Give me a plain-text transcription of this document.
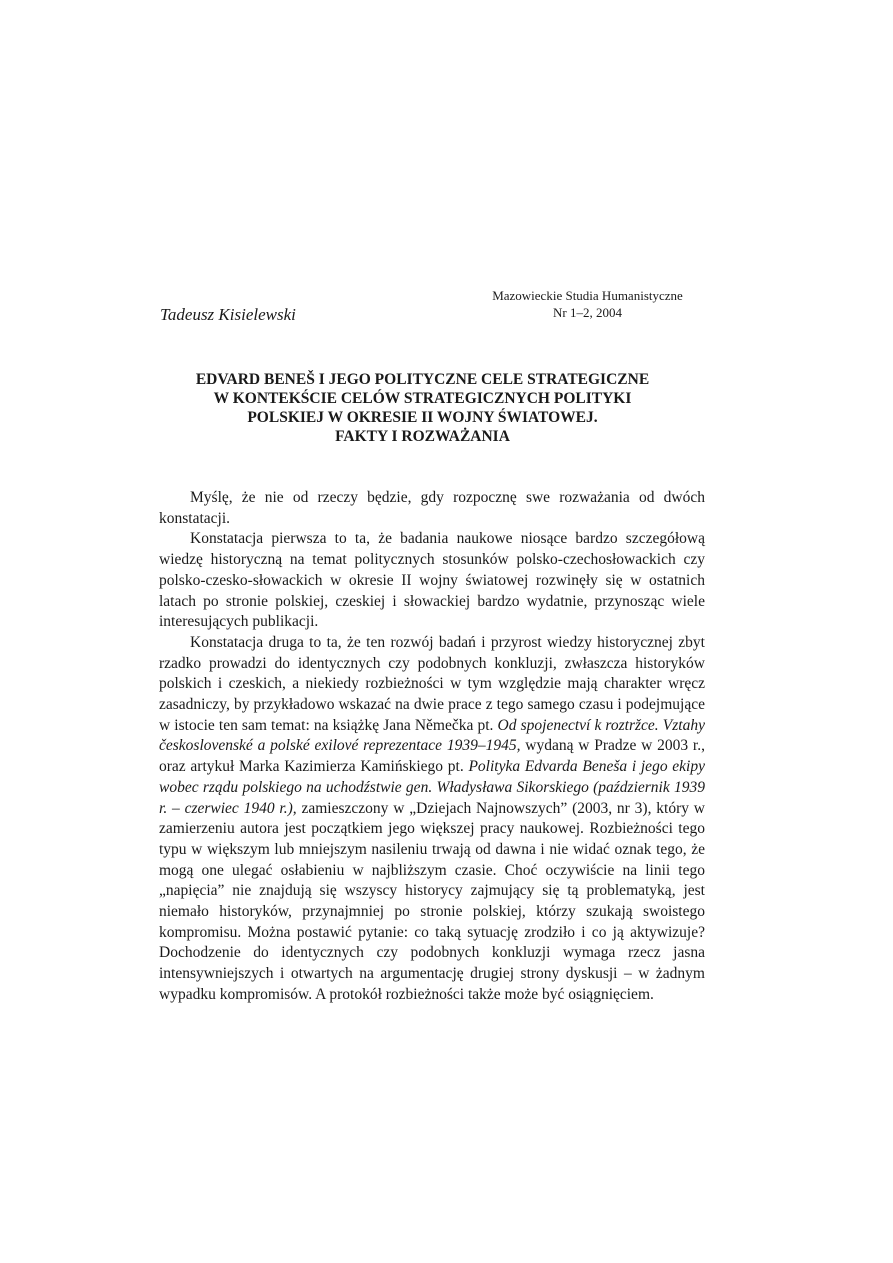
Mazowieckie Studia Humanistyczne
Nr 1–2, 2004
Tadeusz Kisielewski
EDVARD BENEŠ I JEGO POLITYCZNE CELE STRATEGICZNE
W KONTEKŚCIE CELÓW STRATEGICZNYCH POLITYKI
POLSKIEJ W OKRESIE II WOJNY ŚWIATOWEJ.
FAKTY I ROZWAŻANIA

Myślę, że nie od rzeczy będzie, gdy rozpocznę swe rozważania od dwóch konstatacji.

Konstatacja pierwsza to ta, że badania naukowe niosące bardzo szczegółową wiedzę historyczną na temat politycznych stosunków polsko-czechosłowackich czy polsko-czesko-słowackich w okresie II wojny światowej rozwinęły się w ostatnich latach po stronie polskiej, czeskiej i słowackiej bardzo wydatnie, przynosząc wiele interesujących publikacji.

Konstatacja druga to ta, że ten rozwój badań i przyrost wiedzy historycznej zbyt rzadko prowadzi do identycznych czy podobnych konkluzji, zwłaszcza historyków polskich i czeskich, a niekiedy rozbieżności w tym względzie mają charakter wręcz zasadniczy, by przykładowo wskazać na dwie prace z tego samego czasu i podejmujące w istocie ten sam temat: na książkę Jana Němečka pt. Od spojenectví k roztržce. Vztahy československé a polské exilové reprezentace 1939–1945, wydaną w Pradze w 2003 r., oraz artykuł Marka Kazimierza Kamińskiego pt. Polityka Edvarda Beneša i jego ekipy wobec rządu polskiego na uchodźstwie gen. Władysława Sikorskiego (październik 1939 r. – czerwiec 1940 r.), zamieszczony w „Dziejach Najnowszych” (2003, nr 3), który w zamierzeniu autora jest początkiem jego większej pracy naukowej. Rozbieżności tego typu w większym lub mniejszym nasileniu trwają od dawna i nie widać oznak tego, że mogą one ulegać osłabieniu w najbliższym czasie. Choć oczywiście na linii tego „napięcia” nie znajdują się wszyscy historycy zajmujący się tą problematyką, jest niemało historyków, przynajmniej po stronie polskiej, którzy szukają swoistego kompromisu. Można postawić pytanie: co taką sytuację zrodziło i co ją aktywizuje? Dochodzenie do identycznych czy podobnych konkluzji wymaga rzecz jasna intensywniejszych i otwartych na argumentację drugiej strony dyskusji – w żadnym wypadku kompromisów. A protokół rozbieżności także może być osiągnięciem.
